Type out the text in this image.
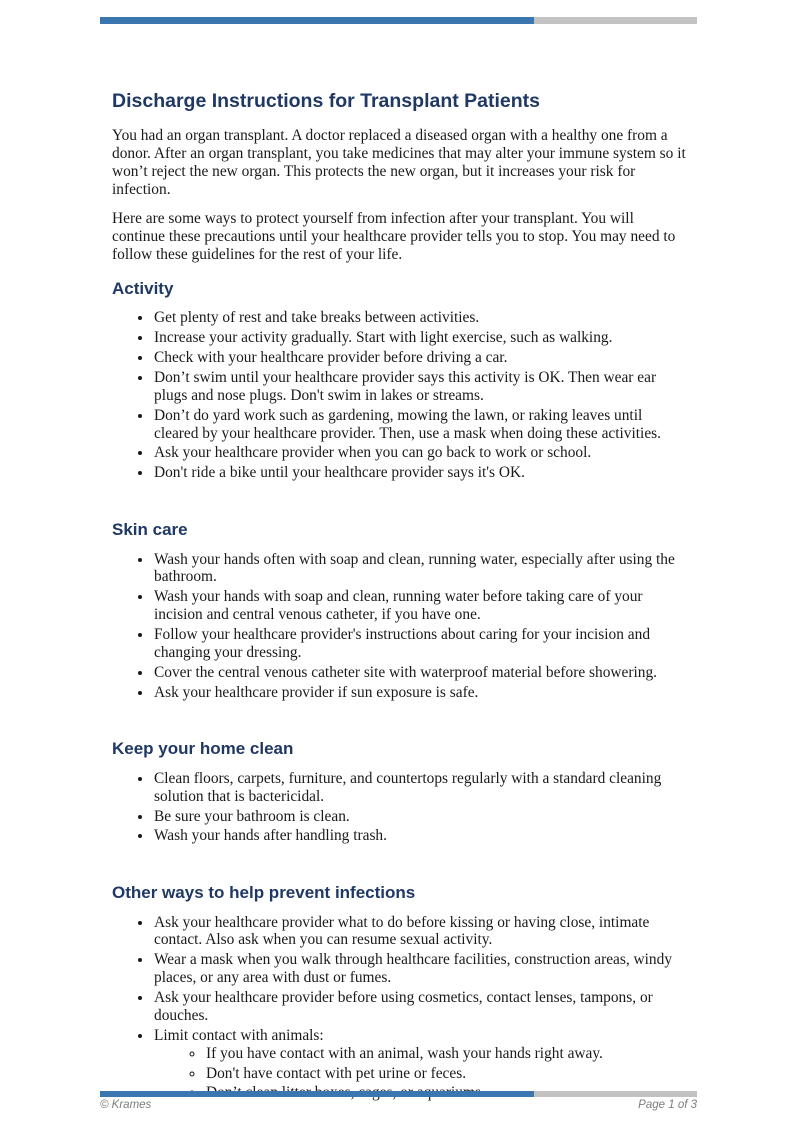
Discharge Instructions for Transplant Patients

You had an organ transplant. A doctor replaced a diseased organ with a healthy one from a donor. After an organ transplant, you take medicines that may alter your immune system so it won’t reject the new organ. This protects the new organ, but it increases your risk for infection.

Here are some ways to protect yourself from infection after your transplant. You will continue these precautions until your healthcare provider tells you to stop. You may need to follow these guidelines for the rest of your life.

Activity
• Get plenty of rest and take breaks between activities.
• Increase your activity gradually. Start with light exercise, such as walking.
• Check with your healthcare provider before driving a car.
• Don’t swim until your healthcare provider says this activity is OK. Then wear ear plugs and nose plugs. Don't swim in lakes or streams.
• Don’t do yard work such as gardening, mowing the lawn, or raking leaves until cleared by your healthcare provider. Then, use a mask when doing these activities.
• Ask your healthcare provider when you can go back to work or school.
• Don't ride a bike until your healthcare provider says it's OK.
Skin care
• Wash your hands often with soap and clean, running water, especially after using the bathroom.
• Wash your hands with soap and clean, running water before taking care of your incision and central venous catheter, if you have one.
• Follow your healthcare provider's instructions about caring for your incision and changing your dressing.
• Cover the central venous catheter site with waterproof material before showering.
• Ask your healthcare provider if sun exposure is safe.
Keep your home clean
• Clean floors, carpets, furniture, and countertops regularly with a standard cleaning solution that is bactericidal.
• Be sure your bathroom is clean.
• Wash your hands after handling trash.
Other ways to help prevent infections
• Ask your healthcare provider what to do before kissing or having close, intimate contact. Also ask when you can resume sexual activity.
• Wear a mask when you walk through healthcare facilities, construction areas, windy places, or any area with dust or fumes.
• Ask your healthcare provider before using cosmetics, contact lenses, tampons, or douches.
• Limit contact with animals:
◦ If you have contact with an animal, wash your hands right away.
◦ Don't have contact with pet urine or feces.
◦
© Krames	Page 1 of 3
